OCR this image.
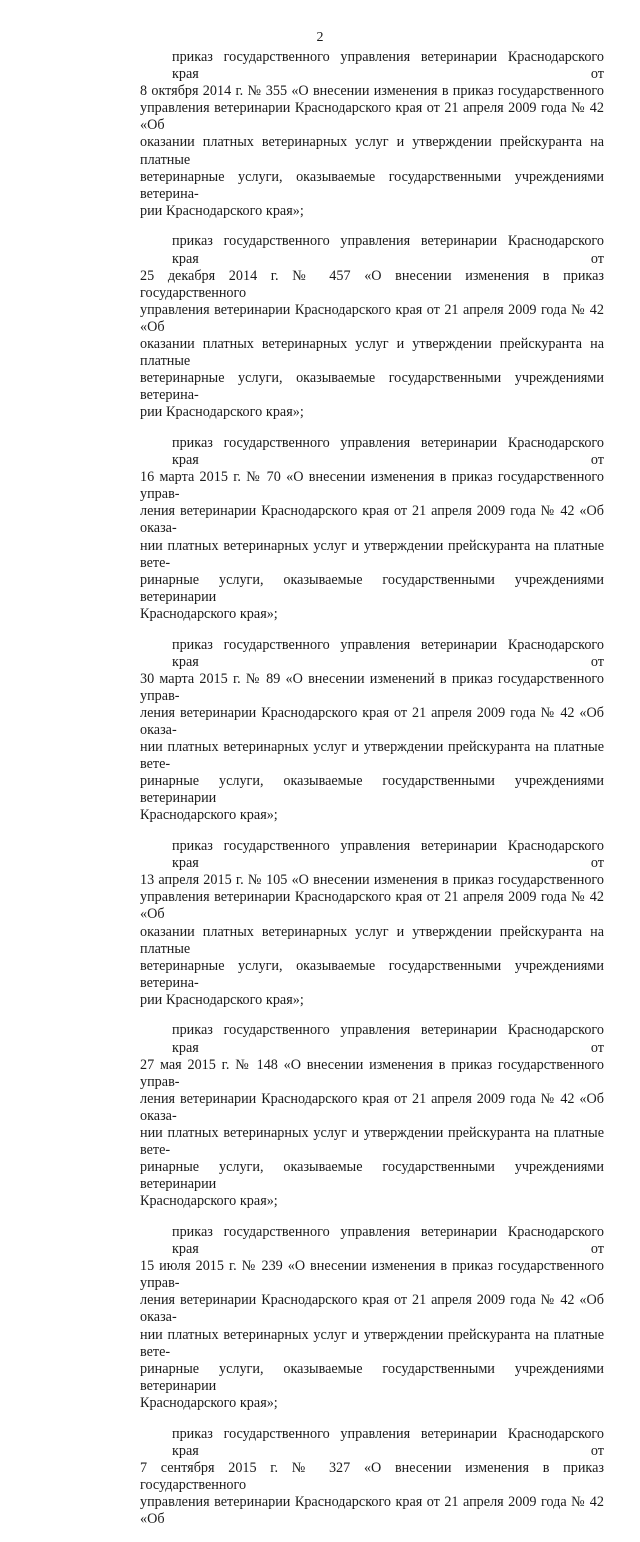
2
приказ государственного управления ветеринарии Краснодарского края от
8 октября 2014 г. № 355 «О внесении изменения в приказ государственного
управления ветеринарии Краснодарского края от 21 апреля 2009 года № 42 «Об
оказании платных ветеринарных услуг и утверждении прейскуранта на платные
ветеринарные услуги, оказываемые государственными учреждениями ветерина-
рии Краснодарского края»;
приказ государственного управления ветеринарии Краснодарского края от
25 декабря 2014 г. № 457 «О внесении изменения в приказ государственного
управления ветеринарии Краснодарского края от 21 апреля 2009 года № 42 «Об
оказании платных ветеринарных услуг и утверждении прейскуранта на платные
ветеринарные услуги, оказываемые государственными учреждениями ветерина-
рии Краснодарского края»;
приказ государственного управления ветеринарии Краснодарского края от
16 марта 2015 г. № 70 «О внесении изменения в приказ государственного управ-
ления ветеринарии Краснодарского края от 21 апреля 2009 года № 42 «Об оказа-
нии платных ветеринарных услуг и утверждении прейскуранта на платные вете-
ринарные услуги, оказываемые государственными учреждениями ветеринарии
Краснодарского края»;
приказ государственного управления ветеринарии Краснодарского края от
30 марта 2015 г. № 89 «О внесении изменений в приказ государственного управ-
ления ветеринарии Краснодарского края от 21 апреля 2009 года № 42 «Об оказа-
нии платных ветеринарных услуг и утверждении прейскуранта на платные вете-
ринарные услуги, оказываемые государственными учреждениями ветеринарии
Краснодарского края»;
приказ государственного управления ветеринарии Краснодарского края от
13 апреля 2015 г. № 105 «О внесении изменения в приказ государственного
управления ветеринарии Краснодарского края от 21 апреля 2009 года № 42 «Об
оказании платных ветеринарных услуг и утверждении прейскуранта на платные
ветеринарные услуги, оказываемые государственными учреждениями ветерина-
рии Краснодарского края»;
приказ государственного управления ветеринарии Краснодарского края от
27 мая 2015 г. № 148 «О внесении изменения в приказ государственного управ-
ления ветеринарии Краснодарского края от 21 апреля 2009 года № 42 «Об оказа-
нии платных ветеринарных услуг и утверждении прейскуранта на платные вете-
ринарные услуги, оказываемые государственными учреждениями ветеринарии
Краснодарского края»;
приказ государственного управления ветеринарии Краснодарского края от
15 июля 2015 г. № 239 «О внесении изменения в приказ государственного управ-
ления ветеринарии Краснодарского края от 21 апреля 2009 года № 42 «Об оказа-
нии платных ветеринарных услуг и утверждении прейскуранта на платные вете-
ринарные услуги, оказываемые государственными учреждениями ветеринарии
Краснодарского края»;
приказ государственного управления ветеринарии Краснодарского края от
7 сентября 2015 г. № 327 «О внесении изменения в приказ государственного
управления ветеринарии Краснодарского края от 21 апреля 2009 года № 42 «Об
